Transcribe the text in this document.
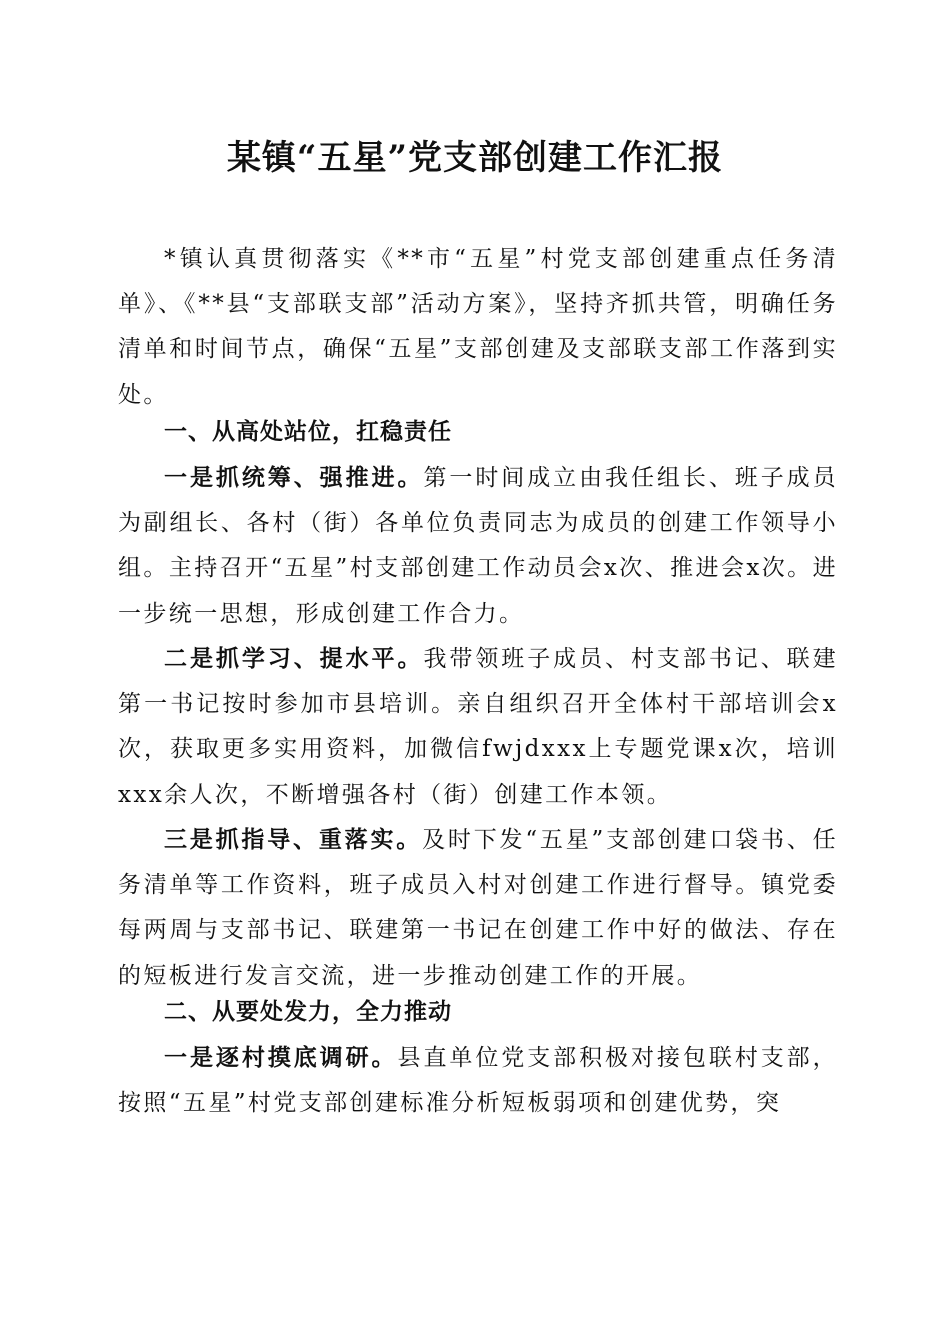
某镇“五星”党支部创建工作汇报
*镇认真贯彻落实《**市“五星”村党支部创建重点任务清单》、《**县“支部联支部”活动方案》，坚持齐抓共管，明确任务清单和时间节点，确保“五星”支部创建及支部联支部工作落到实处。
一、从高处站位，扛稳责任
一是抓统筹、强推进。第一时间成立由我任组长、班子成员为副组长、各村（街）各单位负责同志为成员的创建工作领导小组。主持召开“五星”村支部创建工作动员会x次、推进会x次。进一步统一思想，形成创建工作合力。
二是抓学习、提水平。我带领班子成员、村支部书记、联建第一书记按时参加市县培训。亲自组织召开全体村干部培训会x次，获取更多实用资料，加微信fwjdxxx上专题党课x次，培训xxx余人次，不断增强各村（街）创建工作本领。
三是抓指导、重落实。及时下发“五星”支部创建口袋书、任务清单等工作资料，班子成员入村对创建工作进行督导。镇党委每两周与支部书记、联建第一书记在创建工作中好的做法、存在的短板进行发言交流，进一步推动创建工作的开展。
二、从要处发力，全力推动
一是逐村摸底调研。县直单位党支部积极对接包联村支部，按照“五星”村党支部创建标准分析短板弱项和创建优势，突
